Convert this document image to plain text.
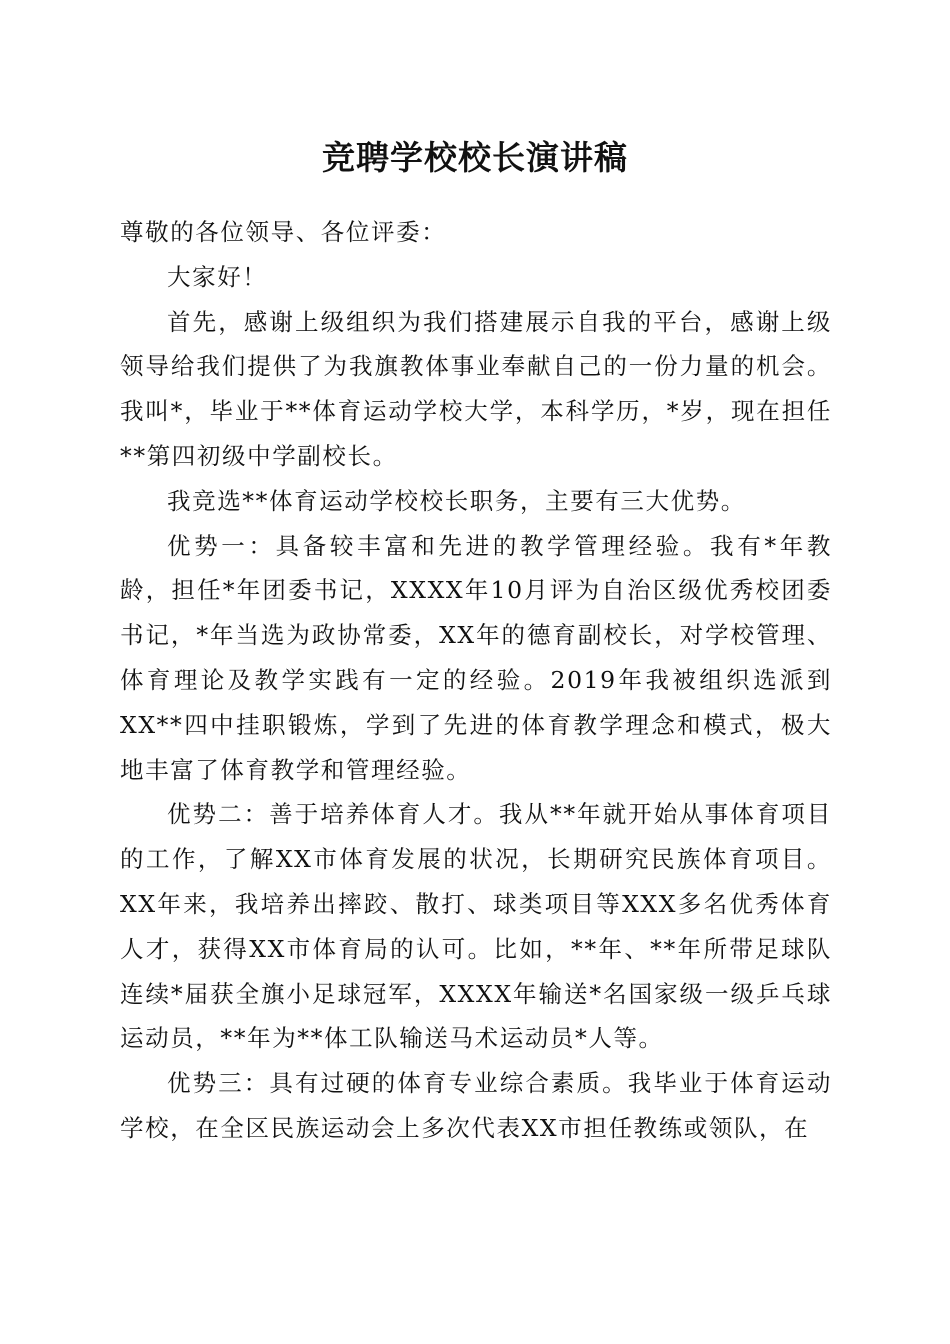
竞聘学校校长演讲稿

尊敬的各位领导、各位评委：

大家好！

首先，感谢上级组织为我们搭建展示自我的平台，感谢上级领导给我们提供了为我旗教体事业奉献自己的一份力量的机会。我叫*，毕业于**体育运动学校大学，本科学历，*岁，现在担任**第四初级中学副校长。

我竞选**体育运动学校校长职务，主要有三大优势。

优势一：具备较丰富和先进的教学管理经验。我有*年教龄，担任*年团委书记，XXXX年10月评为自治区级优秀校团委书记，*年当选为政协常委，XX年的德育副校长，对学校管理、体育理论及教学实践有一定的经验。2019年我被组织选派到XX**四中挂职锻炼，学到了先进的体育教学理念和模式，极大地丰富了体育教学和管理经验。

优势二：善于培养体育人才。我从**年就开始从事体育项目的工作，了解XX市体育发展的状况，长期研究民族体育项目。XX年来，我培养出摔跤、散打、球类项目等XXX多名优秀体育人才，获得XX市体育局的认可。比如，**年、**年所带足球队连续*届获全旗小足球冠军，XXXX年输送*名国家级一级乒乓球运动员，**年为**体工队输送马术运动员*人等。

优势三：具有过硬的体育专业综合素质。我毕业于体育运动学校，在全区民族运动会上多次代表XX市担任教练或领队，在
